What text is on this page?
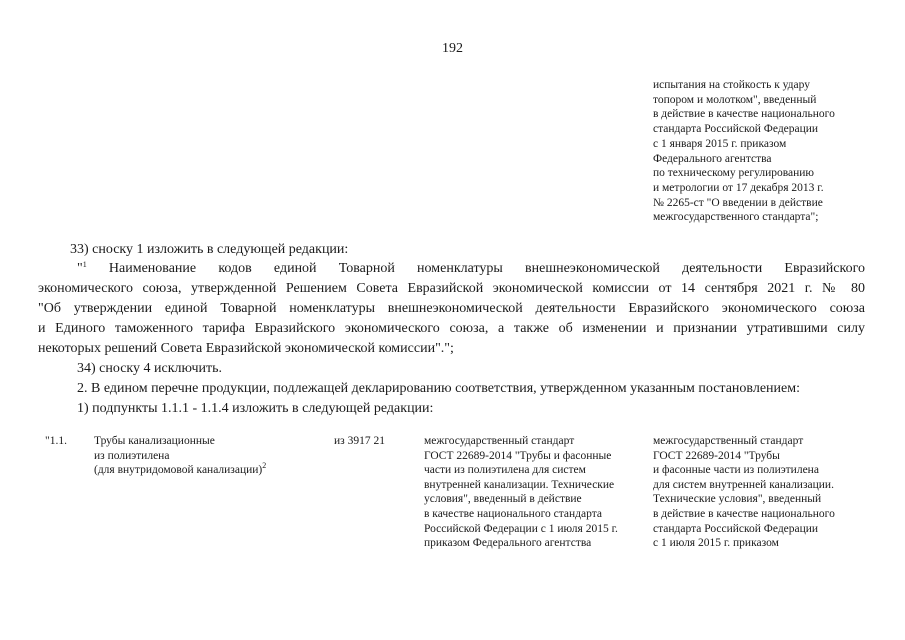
192
испытания на стойкость к удару
топором и молотком", введенный
в действие в качестве национального
стандарта Российской Федерации
с 1 января 2015 г. приказом
Федерального агентства
по техническому регулированию
и метрологии от 17 декабря 2013 г.
№ 2265-ст "О введении в действие
межгосударственного стандарта";
33) сноску 1 изложить в следующей редакции:
"$^1$ Наименование кодов единой Товарной номенклатуры внешнеэкономической деятельности Евразийского
экономического союза, утвержденной Решением Совета Евразийской экономической комиссии от 14 сентября 2021 г. № 80
"Об утверждении единой Товарной номенклатуры внешнеэкономической деятельности Евразийского экономического союза
и Единого таможенного тарифа Евразийского экономического союза, а также об изменении и признании утратившими силу
некоторых решений Совета Евразийской экономической комиссии".";
34) сноску 4 исключить.
2. В едином перечне продукции, подлежащей декларированию соответствия, утвержденном указанным постановлением:
1) подпункты 1.1.1 - 1.1.4 изложить в следующей редакции:
"1.1. Трубы канализационные
из полиэтилена
(для внутридомовой канализации)$^2$
из 3917 21	межгосударственный стандарт
ГОСТ 22689-2014 "Трубы и фасонные
части из полиэтилена для систем
внутренней канализации. Технические
условия", введенный в действие
в качестве национального стандарта
Российской Федерации с 1 июля 2015 г.
приказом Федерального агентства
межгосударственный стандарт
ГОСТ 22689-2014 "Трубы
и фасонные части из полиэтилена
для систем внутренней канализации.
Технические условия", введенный
в действие в качестве национального
стандарта Российской Федерации
с 1 июля 2015 г. приказом
